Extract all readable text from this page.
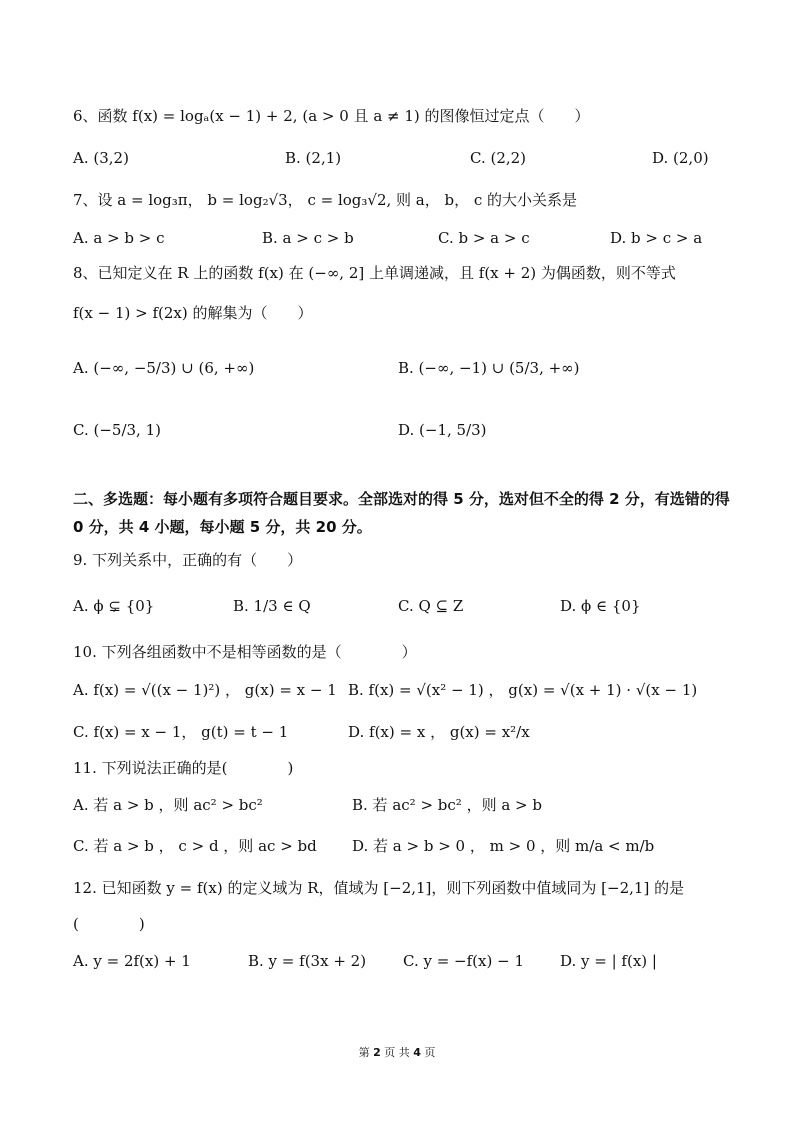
6、函数 f(x) = logₐ(x − 1) + 2, (a > 0 且 a ≠ 1) 的图像恒过定点（　　）
A. (3,2)	B. (2,1)	C. (2,2)	D. (2,0)
7、设 a = log₃π， b = log₂√3， c = log₃√2, 则 a， b， c 的大小关系是
A. a > b > c	B. a > c > b	C. b > a > c	D. b > c > a
8、已知定义在 R 上的函数 f(x) 在 (−∞, 2] 上单调递减，且 f(x + 2) 为偶函数，则不等式
f(x − 1) > f(2x) 的解集为（　　）
A. (−∞, −5/3) ∪ (6, +∞)	B. (−∞, −1) ∪ (5/3, +∞)
C. (−5/3, 1)	D. (−1, 5/3)
二、多选题：每小题有多项符合题目要求。全部选对的得 5 分，选对但不全的得 2 分，有选错的得 0 分，共 4 小题，每小题 5 分，共 20 分。
9. 下列关系中，正确的有（　　）
A. ϕ ⊊ {0}	B. 1/3 ∈ Q	C. Q ⊆ Z	D. ϕ ∈ {0}
10. 下列各组函数中不是相等函数的是（　　　　）
A. f(x) = √((x − 1)²) ， g(x) = x − 1 B. f(x) = √(x² − 1) ， g(x) = √(x + 1) · √(x − 1)
C. f(x) = x − 1， g(t) = t − 1	D. f(x) = x ， g(x) = x²/x
11. 下列说法正确的是(　　　　)
A. 若 a > b ，则 ac² > bc²	B. 若 ac² > bc² ，则 a > b
C. 若 a > b ， c > d ，则 ac > bd D. 若 a > b > 0 ， m > 0 ，则 m/a < m/b
12. 已知函数 y = f(x) 的定义域为 R，值域为 [−2,1]，则下列函数中值域同为 [−2,1] 的是
(　　　　)
A. y = 2f(x) + 1	B. y = f(3x + 2) C. y = −f(x) − 1 D. y = | f(x) |
第 2 页 共 4 页
